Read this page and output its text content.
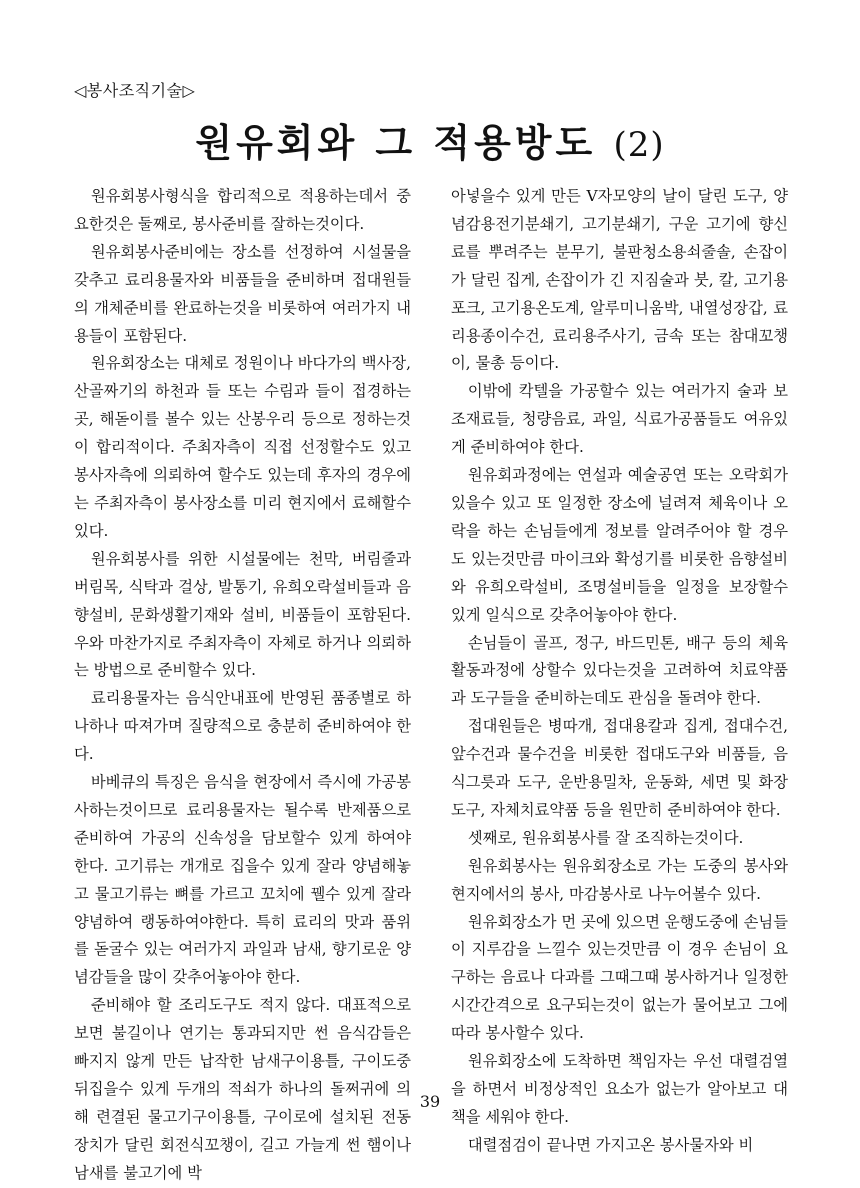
◁봉사조직기술▷
원유회와 그 적용방도 (2)

원유회봉사형식을 합리적으로 적용하는데서 중요한것은 둘째로, 봉사준비를 잘하는것이다.

원유회봉사준비에는 장소를 선정하여 시설물을 갖추고 료리용물자와 비품들을 준비하며 접대원들의 개체준비를 완료하는것을 비롯하여 여러가지 내용들이 포함된다.

원유회장소는 대체로 정원이나 바다가의 백사장, 산골짜기의 하천과 들 또는 수림과 들이 접경하는 곳, 해돋이를 볼수 있는 산봉우리 등으로 정하는것이 합리적이다. 주최자측이 직접 선정할수도 있고 봉사자측에 의뢰하여 할수도 있는데 후자의 경우에는 주최자측이 봉사장소를 미리 현지에서 료해할수 있다.

원유회봉사를 위한 시설물에는 천막, 버림줄과 버림목, 식탁과 걸상, 발통기, 유희오락설비들과 음향설비, 문화생활기재와 설비, 비품들이 포함된다. 우와 마찬가지로 주최자측이 자체로 하거나 의뢰하는 방법으로 준비할수 있다.

료리용물자는 음식안내표에 반영된 품종별로 하나하나 따져가며 질량적으로 충분히 준비하여야 한다.

바베큐의 특징은 음식을 현장에서 즉시에 가공봉사하는것이므로 료리용물자는 될수록 반제품으로 준비하여 가공의 신속성을 담보할수 있게 하여야 한다. 고기류는 개개로 집을수 있게 잘라 양념해놓고 물고기류는 뼈를 가르고 꼬치에 꿸수 있게 잘라 양념하여 랭동하여야한다. 특히 료리의 맛과 품위를 돋굴수 있는 여러가지 과일과 남새, 향기로운 양념감들을 많이 갖추어놓아야 한다.

준비해야 할 조리도구도 적지 않다. 대표적으로 보면 불길이나 연기는 통과되지만 썬 음식감들은 빠지지 않게 만든 납작한 남새구이용틀, 구이도중 뒤집을수 있게 두개의 적쇠가 하나의 돌쩌귀에 의해 련결된 물고기구이용틀, 구이로에 설치된 전동장치가 달린 회전식꼬챙이, 길고 가늘게 썬 햄이나 남새를 불고기에 박

아넣을수 있게 만든 V자모양의 날이 달린 도구, 양념감용전기분쇄기, 고기분쇄기, 구운 고기에 향신료를 뿌려주는 분무기, 불판청소용쇠줄솔, 손잡이가 달린 집게, 손잡이가 긴 지짐술과 붓, 칼, 고기용포크, 고기용온도계, 알루미니움박, 내열성장갑, 료리용종이수건, 료리용주사기, 금속 또는 참대꼬챙이, 물총 등이다.

이밖에 칵텔을 가공할수 있는 여러가지 술과 보조재료들, 청량음료, 과일, 식료가공품들도 여유있게 준비하여야 한다.

원유회과정에는 연설과 예술공연 또는 오락회가 있을수 있고 또 일정한 장소에 널려져 체육이나 오락을 하는 손님들에게 정보를 알려주어야 할 경우도 있는것만큼 마이크와 확성기를 비롯한 음향설비와 유희오락설비, 조명설비들을 일정을 보장할수 있게 일식으로 갖추어놓아야 한다.

손님들이 골프, 정구, 바드민톤, 배구 등의 체육활동과정에 상할수 있다는것을 고려하여 치료약품과 도구들을 준비하는데도 관심을 돌려야 한다.

접대원들은 병따개, 접대용칼과 집게, 접대수건, 앞수건과 물수건을 비롯한 접대도구와 비품들, 음식그릇과 도구, 운반용밀차, 운동화, 세면 및 화장도구, 자체치료약품 등을 원만히 준비하여야 한다.

셋째로, 원유회봉사를 잘 조직하는것이다.

원유회봉사는 원유회장소로 가는 도중의 봉사와 현지에서의 봉사, 마감봉사로 나누어볼수 있다.

원유회장소가 먼 곳에 있으면 운행도중에 손님들이 지루감을 느낄수 있는것만큼 이 경우 손님이 요구하는 음료나 다과를 그때그때 봉사하거나 일정한 시간간격으로 요구되는것이 없는가 물어보고 그에 따라 봉사할수 있다.

원유회장소에 도착하면 책임자는 우선 대렬검열을 하면서 비정상적인 요소가 없는가 알아보고 대책을 세워야 한다.

대렬점검이 끝나면 가지고온 봉사물자와 비

39
